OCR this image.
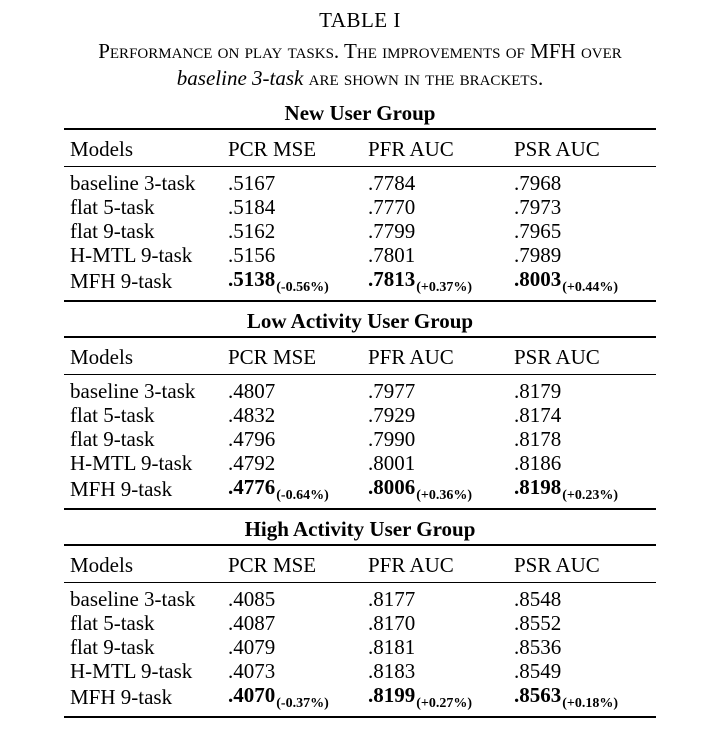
TABLE I
Performance on play tasks. The improvements of MFH over
baseline 3-task are shown in the brackets.
New User Group
Models	PCR MSE	PFR AUC	PSR AUC
baseline 3-task	.5167	.7784	.7968
flat 5-task	.5184	.7770	.7973
flat 9-task	.5162	.7799	.7965
H-MTL 9-task	.5156	.7801	.7989
MFH 9-task	$.5138_{(-0.56\%)}$	$.7813_{(+0.37\%)}$	$.8003_{(+0.44\%)}$
Low Activity User Group
Models	PCR MSE	PFR AUC	PSR AUC
baseline 3-task	.4807	.7977	.8179
flat 5-task	.4832	.7929	.8174
flat 9-task	.4796	.7990	.8178
H-MTL 9-task	.4792	.8001	.8186
MFH 9-task	$.4776_{(-0.64\%)}$	$.8006_{(+0.36\%)}$	$.8198_{(+0.23\%)}$
High Activity User Group
Models	PCR MSE	PFR AUC	PSR AUC
baseline 3-task	.4085	.8177	.8548
flat 5-task	.4087	.8170	.8552
flat 9-task	.4079	.8181	.8536
H-MTL 9-task	.4073	.8183	.8549
MFH 9-task	$.4070_{(-0.37\%)}$	$.8199_{(+0.27\%)}$	$.8563_{(+0.18\%)}$
